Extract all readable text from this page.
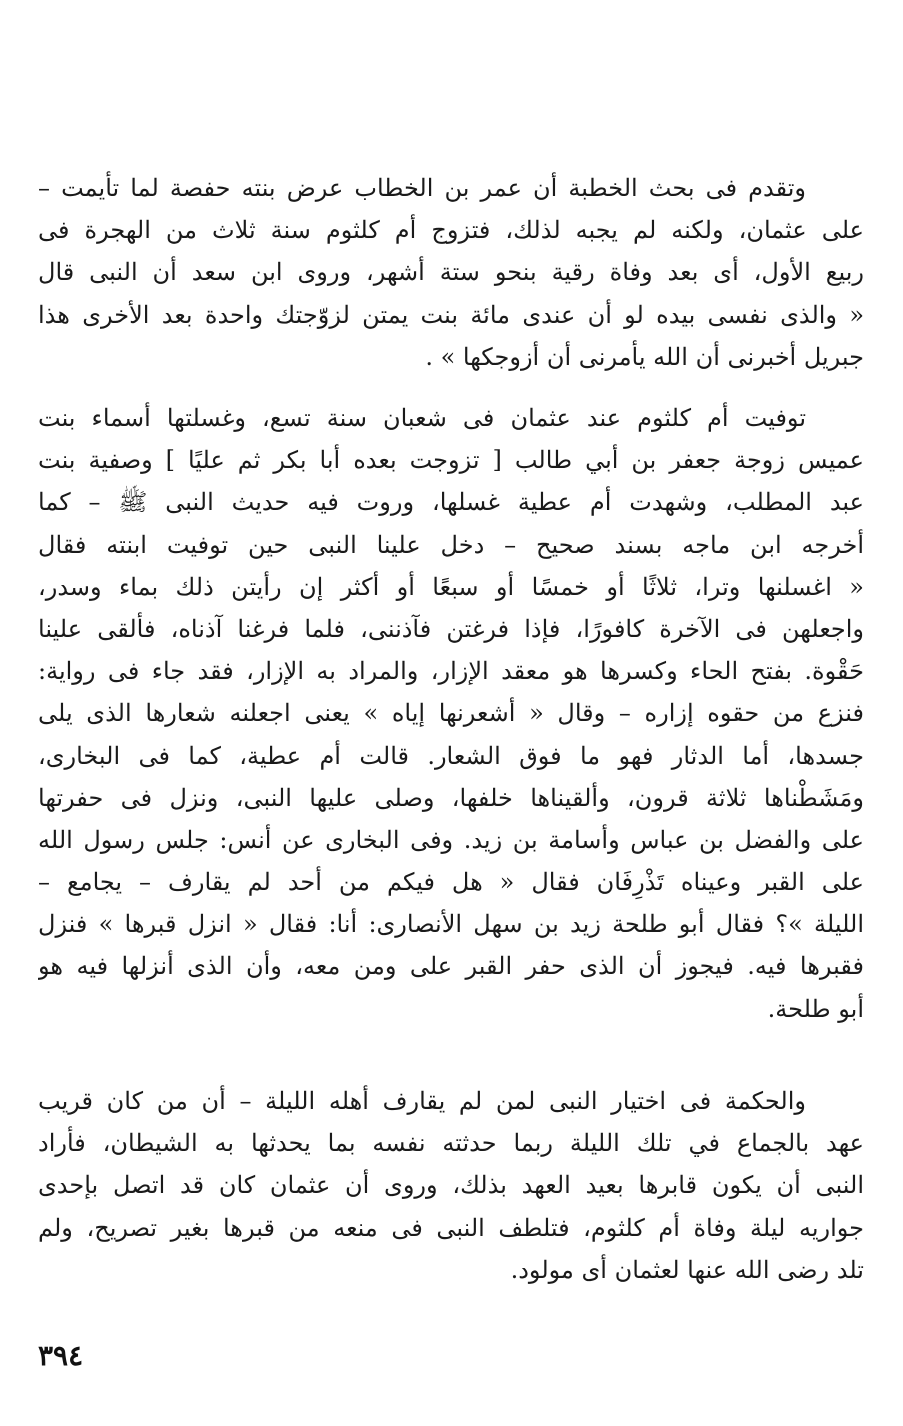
وتقدم فى بحث الخطبة أن عمر بن الخطاب عرض بنته حفصة لما تأيمت –
على عثمان، ولكنه لم يجبه لذلك، فتزوج أم كلثوم سنة ثلاث من الهجرة فى
ربيع الأول، أى بعد وفاة رقية بنحو ستة أشهر، وروى ابن سعد أن النبى قال
« والذى نفسى بيده لو أن عندى مائة بنت يمتن لزوّجتك واحدة بعد الأخرى هذا
جبريل أخبرنى أن الله يأمرنى أن أزوجكها » .
توفيت أم كلثوم عند عثمان فى شعبان سنة تسع، وغسلتها أسماء بنت
عميس زوجة جعفر بن أبي طالب [ تزوجت بعده أبا بكر ثم عليًا ] وصفية بنت
عبد المطلب، وشهدت أم عطية غسلها، وروت فيه حديث النبى ﷺ – كما
أخرجه ابن ماجه بسند صحيح – دخل علينا النبى حين توفيت ابنته فقال
« اغسلنها وترا، ثلاثًا أو خمسًا أو سبعًا أو أكثر إن رأيتن ذلك بماء وسدر،
واجعلهن فى الآخرة كافورًا، فإذا فرغتن فآذننى، فلما فرغنا آذناه، فألقى علينا
حَقْوة. بفتح الحاء وكسرها هو معقد الإزار، والمراد به الإزار، فقد جاء فى رواية:
فنزع من حقوه إزاره – وقال « أشعرنها إياه » يعنى اجعلنه شعارها الذى يلى
جسدها، أما الدثار فهو ما فوق الشعار. قالت أم عطية، كما فى البخارى،
ومَشَطْناها ثلاثة قرون، وألقيناها خلفها، وصلى عليها النبى، ونزل فى حفرتها
على والفضل بن عباس وأسامة بن زيد. وفى البخارى عن أنس: جلس رسول الله
على القبر وعيناه تَذْرِفَان فقال « هل فيكم من أحد لم يقارف – يجامع –
الليلة »؟ فقال أبو طلحة زيد بن سهل الأنصارى: أنا: فقال « انزل قبرها » فنزل
فقبرها فيه. فيجوز أن الذى حفر القبر على ومن معه، وأن الذى أنزلها فيه هو
أبو طلحة.
والحكمة فى اختيار النبى لمن لم يقارف أهله الليلة – أن من كان قريب
عهد بالجماع في تلك الليلة ربما حدثته نفسه بما يحدثها به الشيطان، فأراد
النبى أن يكون قابرها بعيد العهد بذلك، وروى أن عثمان كان قد اتصل بإحدى
جواريه ليلة وفاة أم كلثوم، فتلطف النبى فى منعه من قبرها بغير تصريح، ولم
تلد رضى الله عنها لعثمان أى مولود.
٣٩٤
